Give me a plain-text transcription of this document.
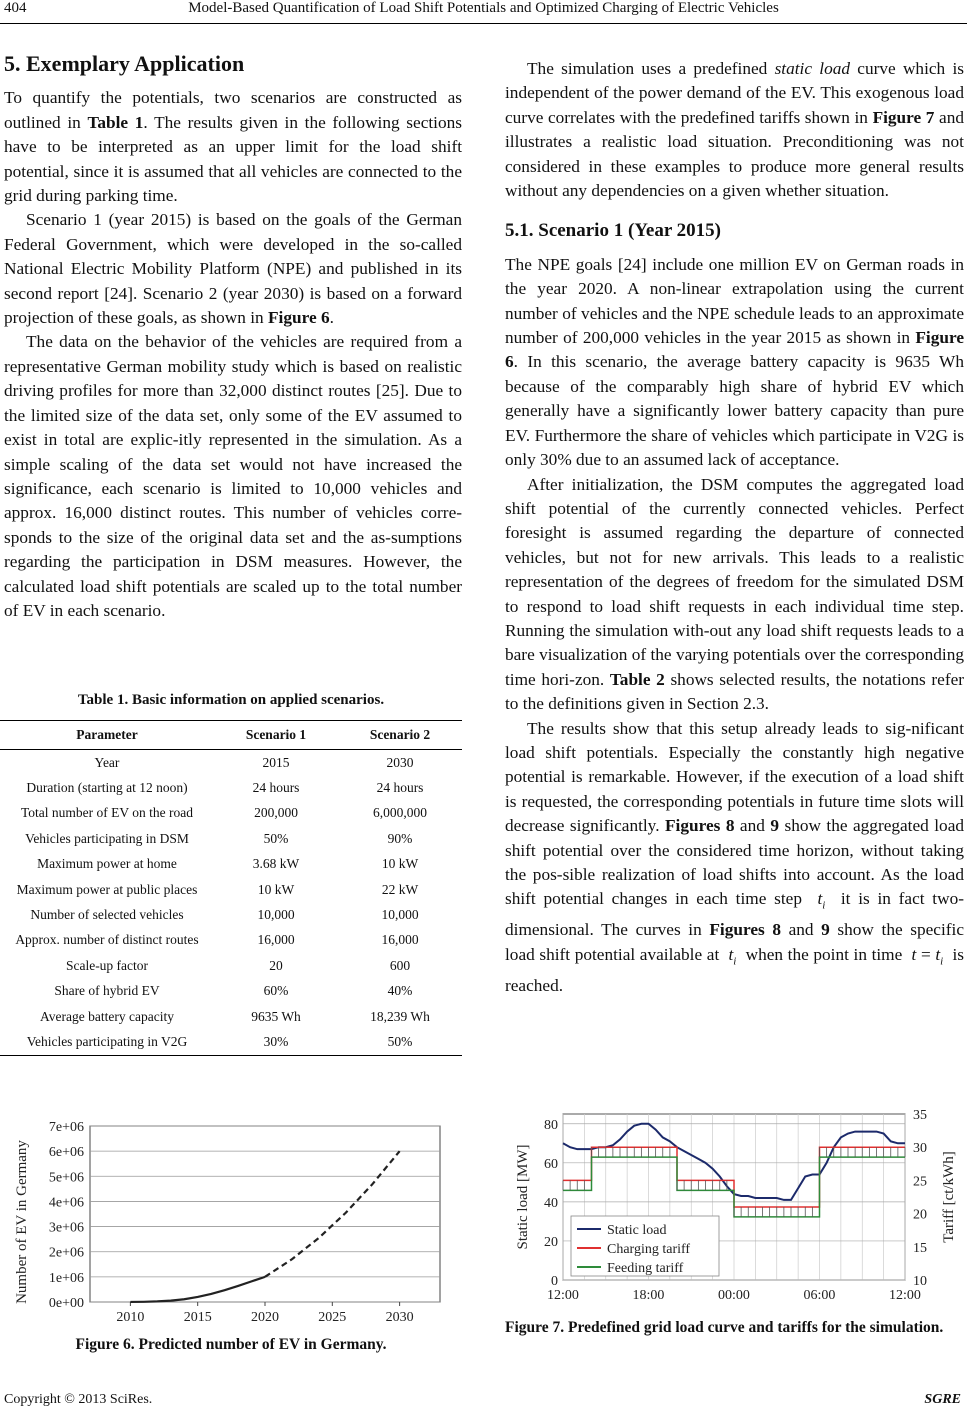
404	Model-Based Quantification of Load Shift Potentials and Optimized Charging of Electric Vehicles
5. Exemplary Application

To quantify the potentials, two scenarios are constructed as outlined in Table 1. The results given in the following sections have to be interpreted as an upper limit for the load shift potential, since it is assumed that all vehicles are connected to the grid during parking time.

Scenario 1 (year 2015) is based on the goals of the German Federal Government, which were developed in the so-called National Electric Mobility Platform (NPE) and published in its second report [24]. Scenario 2 (year 2030) is based on a forward projection of these goals, as shown in Figure 6.

The data on the behavior of the vehicles are required from a representative German mobility study which is based on realistic driving profiles for more than 32,000 distinct routes [25]. Due to the limited size of the data set, only some of the EV assumed to exist in total are explic-itly represented in the simulation. As a simple scaling of the data set would not have increased the significance, each scenario is limited to 10,000 vehicles and approx. 16,000 distinct routes. This number of vehicles corre-sponds to the size of the original data set and the as-sumptions regarding the participation in DSM measures. However, the calculated load shift potentials are scaled up to the total number of EV in each scenario.

Table 1. Basic information on applied scenarios.
Parameter	Scenario 1	Scenario 2
Year	2015	2030
Duration (starting at 12 noon)	24 hours	24 hours
Total number of EV on the road	200,000	6,000,000
Vehicles participating in DSM	50%	90%
Maximum power at home	3.68 kW	10 kW
Maximum power at public places	10 kW	22 kW
Number of selected vehicles	10,000	10,000
Approx. number of distinct routes	16,000	16,000
Scale-up factor	20	600
Share of hybrid EV	60%	40%
Average battery capacity	9635 Wh	18,239 Wh
Vehicles participating in V2G	30%	50%
0e+00
1e+06
2e+06
3e+06
4e+06
5e+06
6e+06
7e+06
2010	2015	2020	2025	2030
Number of EV in Germany
Figure 6. Predicted number of EV in Germany.

The simulation uses a predefined static load curve which is independent of the power demand of the EV. This exogenous load curve correlates with the predefined tariffs shown in Figure 7 and illustrates a realistic load situation. Preconditioning was not considered in these examples to produce more general results without any dependencies on a given whether situation.

5.1. Scenario 1 (Year 2015)

The NPE goals [24] include one million EV on German roads in the year 2020. A non-linear extrapolation using the current number of vehicles and the NPE schedule leads to an approximate number of 200,000 vehicles in the year 2015 as shown in Figure 6. In this scenario, the average battery capacity is 9635 Wh because of the comparably high share of hybrid EV which generally have a significantly lower battery capacity than pure EV. Furthermore the share of vehicles which participate in V2G is only 30% due to an assumed lack of acceptance.

After initialization, the DSM computes the aggregated load shift potential of the currently connected vehicles. Perfect foresight is assumed regarding the departure of connected vehicles, but not for new arrivals. This leads to a realistic representation of the degrees of freedom for the simulated DSM to respond to load shift requests in each individual time step. Running the simulation with-out any load shift requests leads to a bare visualization of the varying potentials over the corresponding time hori-zon. Table 2 shows selected results, the notations refer to the definitions given in Section 2.3.

The results show that this setup already leads to sig-nificant load shift potentials. Especially the constantly high negative potential is remarkable. However, if the execution of a load shift is requested, the corresponding potentials in future time slots will decrease significantly. Figures 8 and 9 show the aggregated load shift potential over the considered time horizon, without taking the pos-sible realization of load shifts into account. As the load shift potential changes in each time step  $t_i$  it is in fact two-dimensional. The curves in Figures 8 and 9 show the specific load shift potential available at  $t_i$  when the point in time  $t = t_i$  is reached.

0
20
40
60
80
10
15
20
25
30
35
12:00	18:00	00:00	06:00	12:00
Static load
Charging tariff
Feeding tariff
Static load [MW]	Tariff [ct/kWh]
Figure 7. Predefined grid load curve and tariffs for the simulation.
Copyright © 2013 SciRes.	SGRE
